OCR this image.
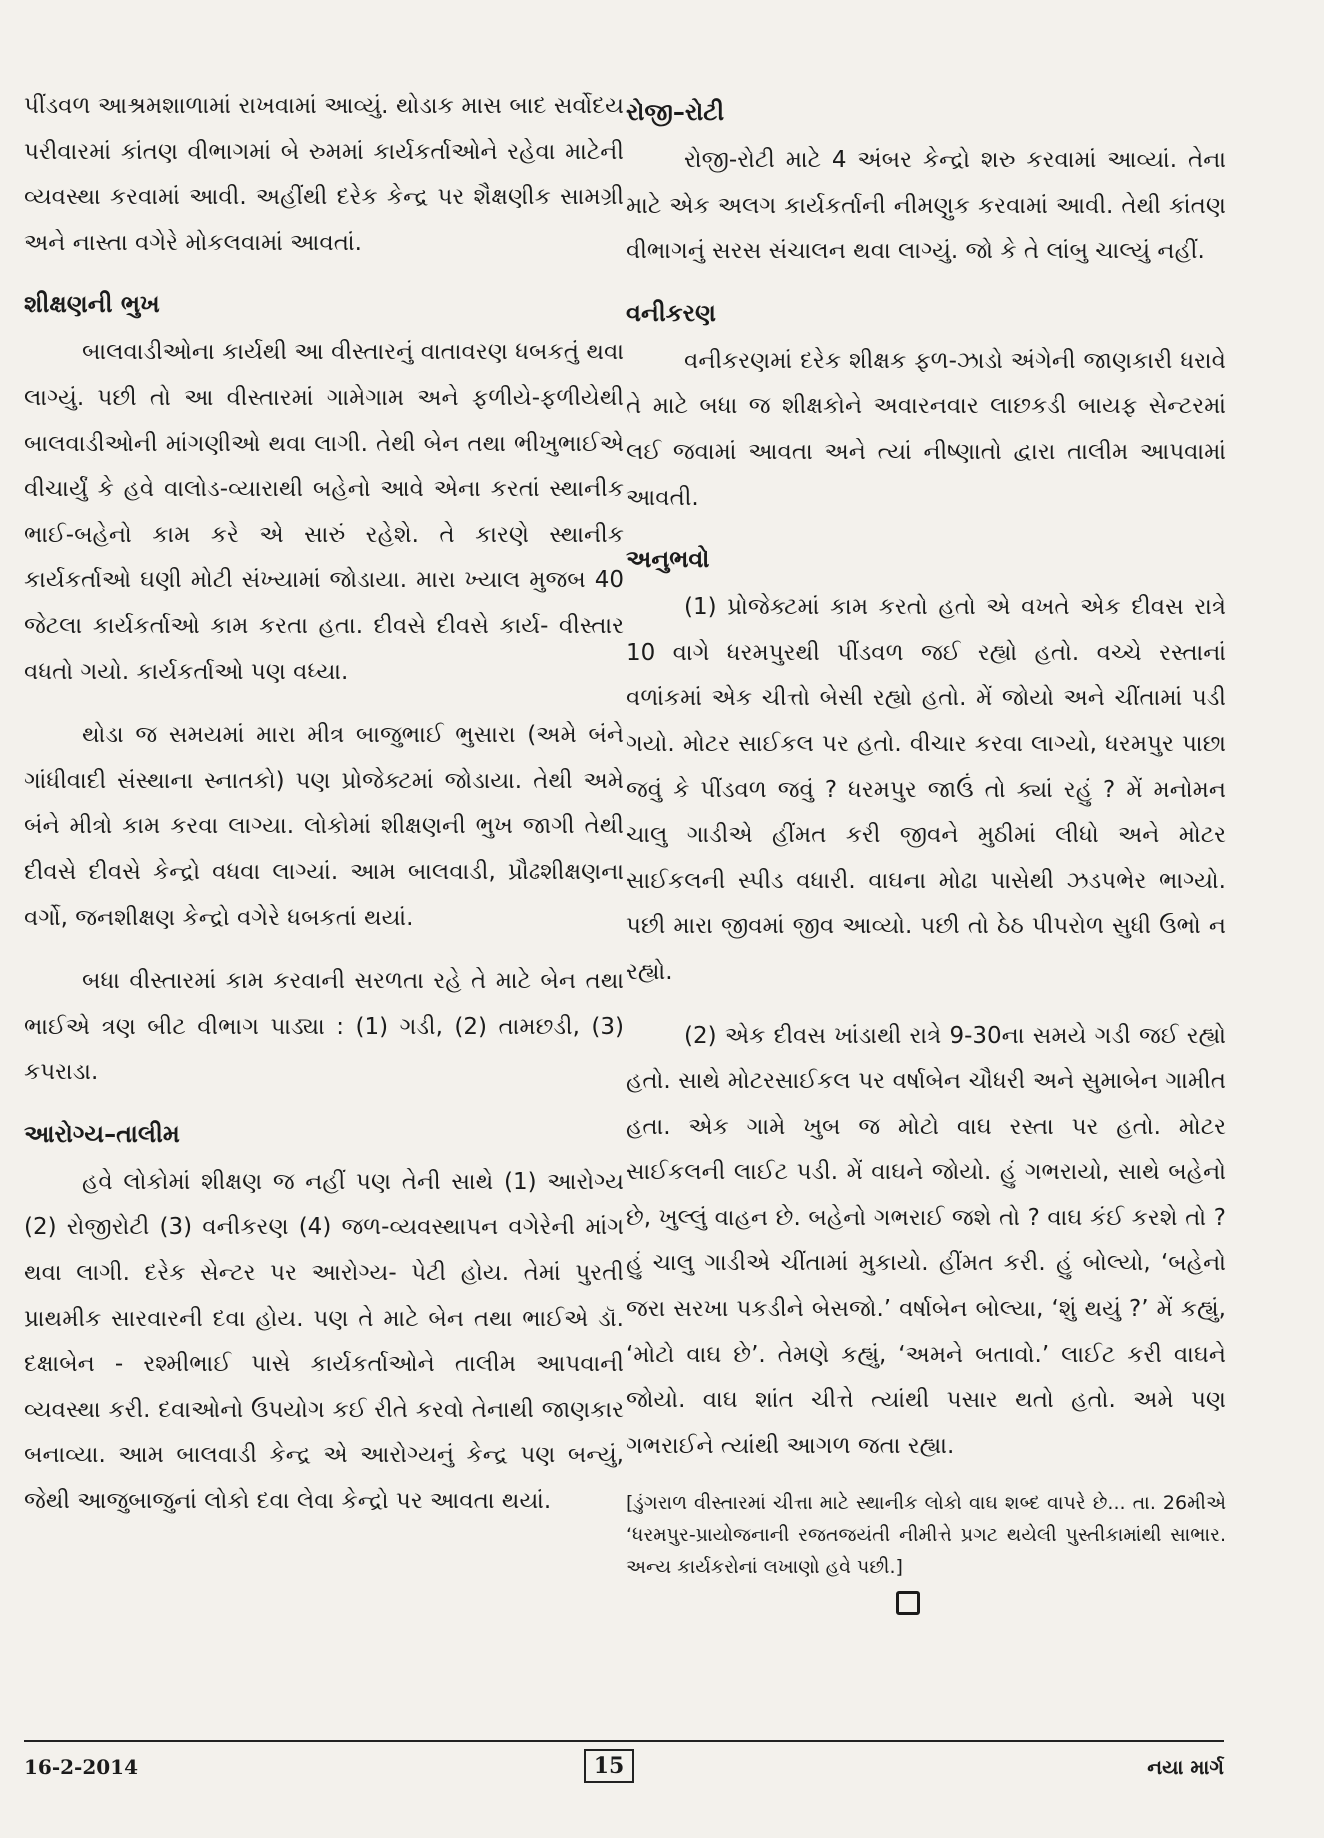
પીંડવળ આશ્રમશાળામાં રાખવામાં આવ્યું. થોડાક માસ બાદ સર્વોદય પરીવારમાં કાંતણ વીભાગમાં બે રુમમાં કાર્યકર્તાઓને રહેવા માટેની વ્યવસ્થા કરવામાં આવી. અહીંથી દરેક કેન્દ્ર પર શૈક્ષણીક સામગ્રી અને નાસ્તા વગેરે મોકલવામાં આવતાં.

શીક્ષણની ભુખ

બાલવાડીઓના કાર્યથી આ વીસ્તારનું વાતાવરણ ધબકતું થવા લાગ્યું. પછી તો આ વીસ્તારમાં ગામેગામ અને ફળીયે-ફળીયેથી બાલવાડીઓની માંગણીઓ થવા લાગી. તેથી બેન તથા ભીખુભાઈએ વીચાર્યું કે હવે વાલોડ-વ્યારાથી બહેનો આવે એના કરતાં સ્થાનીક ભાઈ-બહેનો કામ કરે એ સારું રહેશે. તે કારણે સ્થાનીક કાર્યકર્તાઓ ઘણી મોટી સંખ્યામાં જોડાયા. મારા ખ્યાલ મુજબ 40 જેટલા કાર્યકર્તાઓ કામ કરતા હતા. દીવસે દીવસે કાર્ય- વીસ્તાર વધતો ગયો. કાર્યકર્તાઓ પણ વધ્યા.

થોડા જ સમયમાં મારા મીત્ર બાજુભાઈ ભુસારા (અમે બંને ગાંધીવાદી સંસ્થાના સ્નાતકો) પણ પ્રોજેક્ટમાં જોડાયા. તેથી અમે બંને મીત્રો કામ કરવા લાગ્યા. લોકોમાં શીક્ષણની ભુખ જાગી તેથી દીવસે દીવસે કેન્દ્રો વધવા લાગ્યાં. આમ બાલવાડી, પ્રૌઢશીક્ષણના વર્ગો, જનશીક્ષણ કેન્દ્રો વગેરે ધબકતાં થયાં.

બધા વીસ્તારમાં કામ કરવાની સરળતા રહે તે માટે બેન તથા ભાઈએ ત્રણ બીટ વીભાગ પાડ્યા : (1) ગડી, (2) તામછડી, (3) કપરાડા.

આરોગ્ય–તાલીમ

હવે લોકોમાં શીક્ષણ જ નહીં પણ તેની સાથે (1) આરોગ્ય (2) રોજીરોટી (3) વનીકરણ (4) જળ-વ્યવસ્થાપન વગેરેની માંગ થવા લાગી. દરેક સેન્ટર પર આરોગ્ય- પેટી હોય. તેમાં પુરતી પ્રાથમીક સારવારની દવા હોય. પણ તે માટે બેન તથા ભાઈએ ડૉ. દક્ષાબેન - રશ્મીભાઈ પાસે કાર્યકર્તાઓને તાલીમ આપવાની વ્યવસ્થા કરી. દવાઓનો ઉપયોગ કઈ રીતે કરવો તેનાથી જાણકાર બનાવ્યા. આમ બાલવાડી કેન્દ્ર એ આરોગ્યનું કેન્દ્ર પણ બન્યું, જેથી આજુબાજુનાં લોકો દવા લેવા કેન્દ્રો પર આવતા થયાં.

રોજી–રોટી

રોજી-રોટી માટે 4 અંબર કેન્દ્રો શરુ કરવામાં આવ્યાં. તેના માટે એક અલગ કાર્યકર્તાની નીમણુક કરવામાં આવી. તેથી કાંતણ વીભાગનું સરસ સંચાલન થવા લાગ્યું. જો કે તે લાંબુ ચાલ્યું નહીં.

વનીકરણ

વનીકરણમાં દરેક શીક્ષક ફળ-ઝાડો અંગેની જાણકારી ધરાવે તે માટે બધા જ શીક્ષકોને અવારનવાર લાછકડી બાયફ સેન્ટરમાં લઈ જવામાં આવતા અને ત્યાં નીષ્ણાતો દ્વારા તાલીમ આપવામાં આવતી.

અનુભવો

(1) પ્રોજેક્ટમાં કામ કરતો હતો એ વખતે એક દીવસ રાત્રે 10 વાગે ધરમપુરથી પીંડવળ જઈ રહ્યો હતો. વચ્ચે રસ્તાનાં વળાંકમાં એક ચીત્તો બેસી રહ્યો હતો. મેં જોયો અને ચીંતામાં પડી ગયો. મોટર સાઈકલ પર હતો. વીચાર કરવા લાગ્યો, ધરમપુર પાછા જવું કે પીંડવળ જવું ? ધરમપુર જાઉં તો ક્યાં રહું ? મેં મનોમન ચાલુ ગાડીએ હીંમત કરી જીવને મુઠીમાં લીધો અને મોટર સાઈકલની સ્પીડ વધારી. વાઘના મોઢા પાસેથી ઝડપભેર ભાગ્યો. પછી મારા જીવમાં જીવ આવ્યો. પછી તો ઠેઠ પીપરોળ સુધી ઉભો ન રહ્યો.

(2) એક દીવસ ખાંડાથી રાત્રે 9-30ના સમયે ગડી જઈ રહ્યો હતો. સાથે મોટરસાઈકલ પર વર્ષાબેન ચૌધરી અને સુમાબેન ગામીત હતા. એક ગામે ખુબ જ મોટો વાઘ રસ્તા પર હતો. મોટર સાઈકલની લાઈટ પડી. મેં વાઘને જોયો. હું ગભરાયો, સાથે બહેનો છે, ખુલ્લું વાહન છે. બહેનો ગભરાઈ જશે તો ? વાઘ કંઈ કરશે તો ? હું ચાલુ ગાડીએ ચીંતામાં મુકાયો. હીંમત કરી. હું બોલ્યો, ‘બહેનો જરા સરખા પકડીને બેસજો.’ વર્ષાબેન બોલ્યા, ‘શું થયું ?’ મેં કહ્યું, ‘મોટો વાઘ છે’. તેમણે કહ્યું, ‘અમને બતાવો.’ લાઈટ કરી વાઘને જોયો. વાઘ શાંત ચીત્તે ત્યાંથી પસાર થતો હતો. અમે પણ ગભરાઈને ત્યાંથી આગળ જતા રહ્યા.

[ડુંગરાળ વીસ્તારમાં ચીત્તા માટે સ્થાનીક લોકો વાઘ શબ્દ વાપરે છે... તા. 26મીએ ‘ધરમપુર-પ્રાયોજનાની રજતજયંતી નીમીત્તે પ્રગટ થયેલી પુસ્તીકામાંથી સાભાર. અન્ય કાર્યકરોનાં લખાણો હવે પછી.]
16-2-2014	15	નયા માર્ગ
